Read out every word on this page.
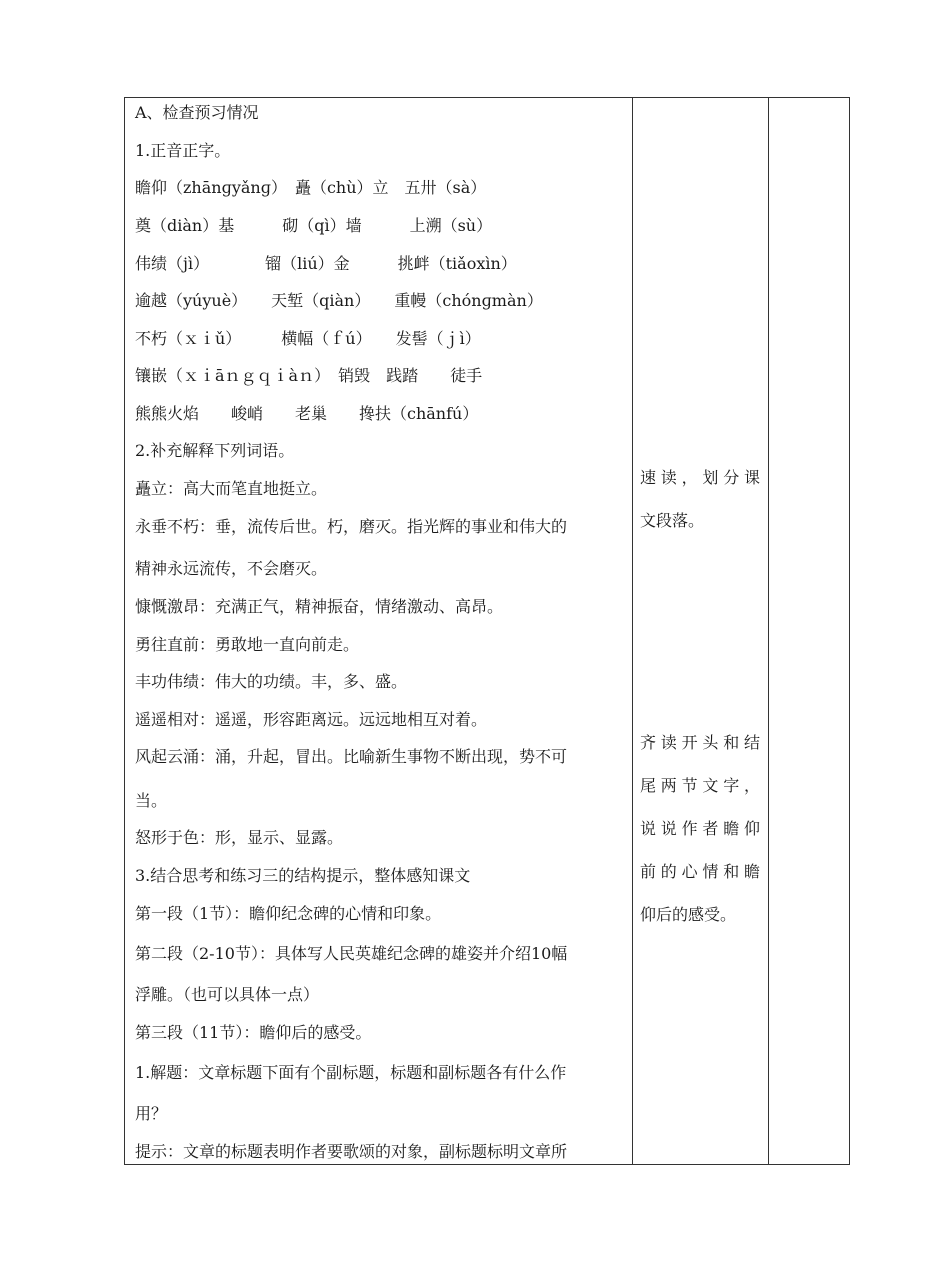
A、检查预习情况
1.正音正字。
瞻仰（zhānɡyǎnɡ）　矗（chù）立　五卅（sà）
奠（diàn）基　　　砌（qì）墙　　　上溯（sù）
伟绩（jì）　　　　镏（liú）金　　　挑衅（tiǎoxìn）
逾越（yúyuè）　　天堑（qiàn）　　重幔（chónɡmàn）
不朽（ｘｉǔ）　　　横幅（ｆú）　　发髻（ｊì）
镶嵌（ｘｉāｎｇｑｉàｎ）　销毁　践踏　　徒手
熊熊火焰　　峻峭　　老巢　　搀扶（chānfú）
2.补充解释下列词语。
矗立：高大而笔直地挺立。
永垂不朽：垂，流传后世。朽，磨灭。指光辉的事业和伟大的
精神永远流传，不会磨灭。
慷慨激昂：充满正气，精神振奋，情绪激动、高昂。
勇往直前：勇敢地一直向前走。
丰功伟绩：伟大的功绩。丰，多、盛。
遥遥相对：遥遥，形容距离远。远远地相互对着。
风起云涌：涌，升起，冒出。比喻新生事物不断出现，势不可
当。
怒形于色：形，显示、显露。
3.结合思考和练习三的结构提示，整体感知课文
第一段（1节）：瞻仰纪念碑的心情和印象。
第二段（2-10节）：具体写人民英雄纪念碑的雄姿并介绍10幅
浮雕。（也可以具体一点）
第三段（11节）：瞻仰后的感受。
1.解题：文章标题下面有个副标题，标题和副标题各有什么作
用？
提示：文章的标题表明作者要歌颂的对象，副标题标明文章所
速读，划分课
文段落。
齐读开头和结
尾两节文字，
说说作者瞻仰
前的心情和瞻
仰后的感受。
